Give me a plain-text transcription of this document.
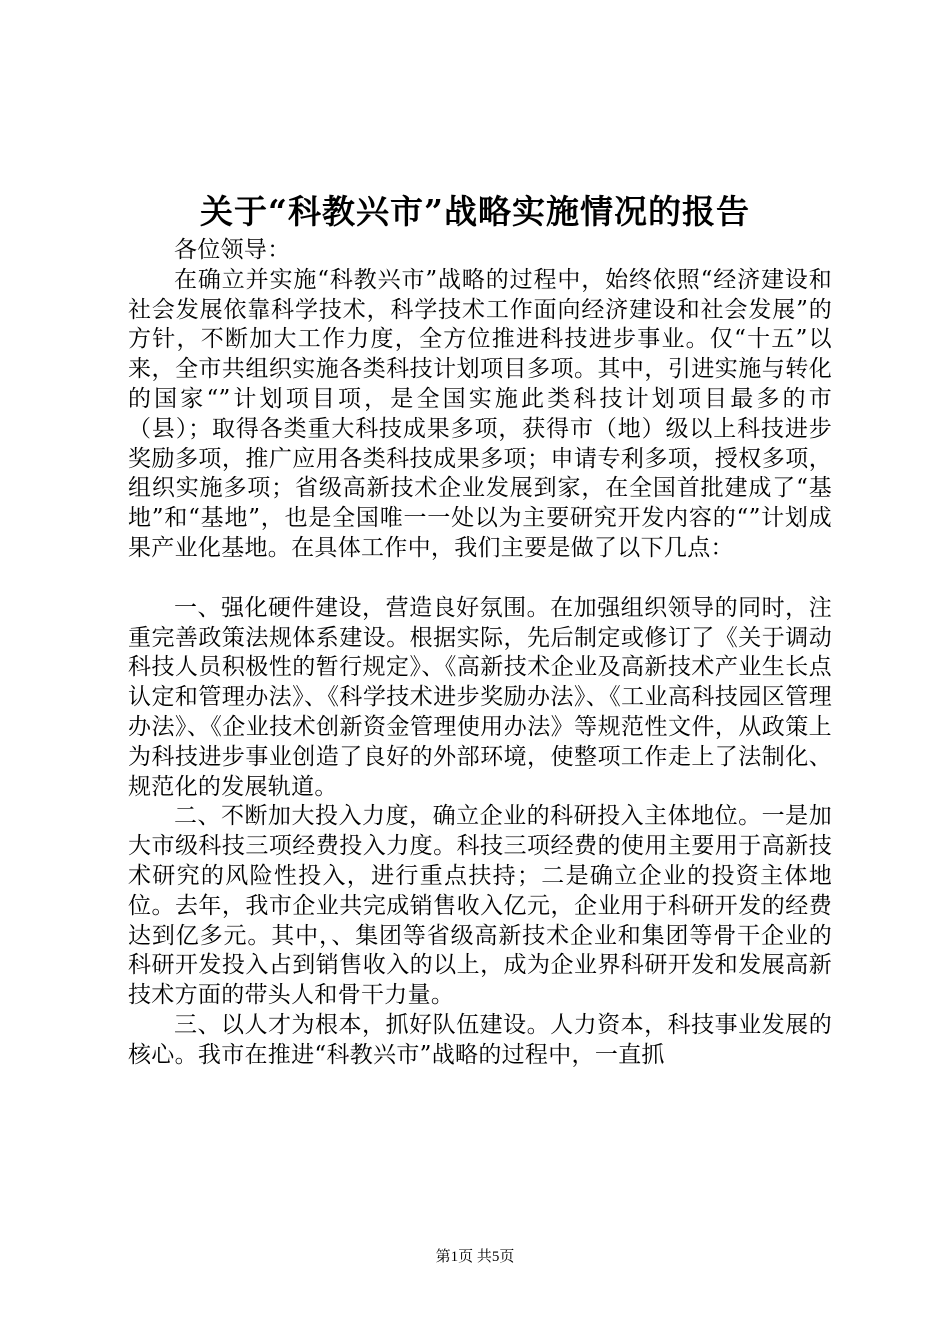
关于“科教兴市”战略实施情况的报告

各位领导：

在确立并实施“科教兴市”战略的过程中，始终依照“经济建设和社会发展依靠科学技术，科学技术工作面向经济建设和社会发展”的方针，不断加大工作力度，全方位推进科技进步事业。仅“十五”以来，全市共组织实施各类科技计划项目多项。其中，引进实施与转化的国家“”计划项目项，是全国实施此类科技计划项目最多的市（县）；取得各类重大科技成果多项，获得市（地）级以上科技进步奖励多项，推广应用各类科技成果多项；申请专利多项，授权多项，组织实施多项；省级高新技术企业发展到家，在全国首批建成了“基地”和“基地”，也是全国唯一一处以为主要研究开发内容的“”计划成果产业化基地。在具体工作中，我们主要是做了以下几点：

一、强化硬件建设，营造良好氛围。在加强组织领导的同时，注重完善政策法规体系建设。根据实际，先后制定或修订了《关于调动科技人员积极性的暂行规定》、《高新技术企业及高新技术产业生长点认定和管理办法》、《科学技术进步奖励办法》、《工业高科技园区管理办法》、《企业技术创新资金管理使用办法》等规范性文件，从政策上为科技进步事业创造了良好的外部环境，使整项工作走上了法制化、规范化的发展轨道。

二、不断加大投入力度，确立企业的科研投入主体地位。一是加大市级科技三项经费投入力度。科技三项经费的使用主要用于高新技术研究的风险性投入，进行重点扶持；二是确立企业的投资主体地位。去年，我市企业共完成销售收入亿元，企业用于科研开发的经费达到亿多元。其中，、集团等省级高新技术企业和集团等骨干企业的科研开发投入占到销售收入的以上，成为企业界科研开发和发展高新技术方面的带头人和骨干力量。

三、以人才为根本，抓好队伍建设。人力资本，科技事业发展的核心。我市在推进“科教兴市”战略的过程中，一直抓

第1页 共5页
